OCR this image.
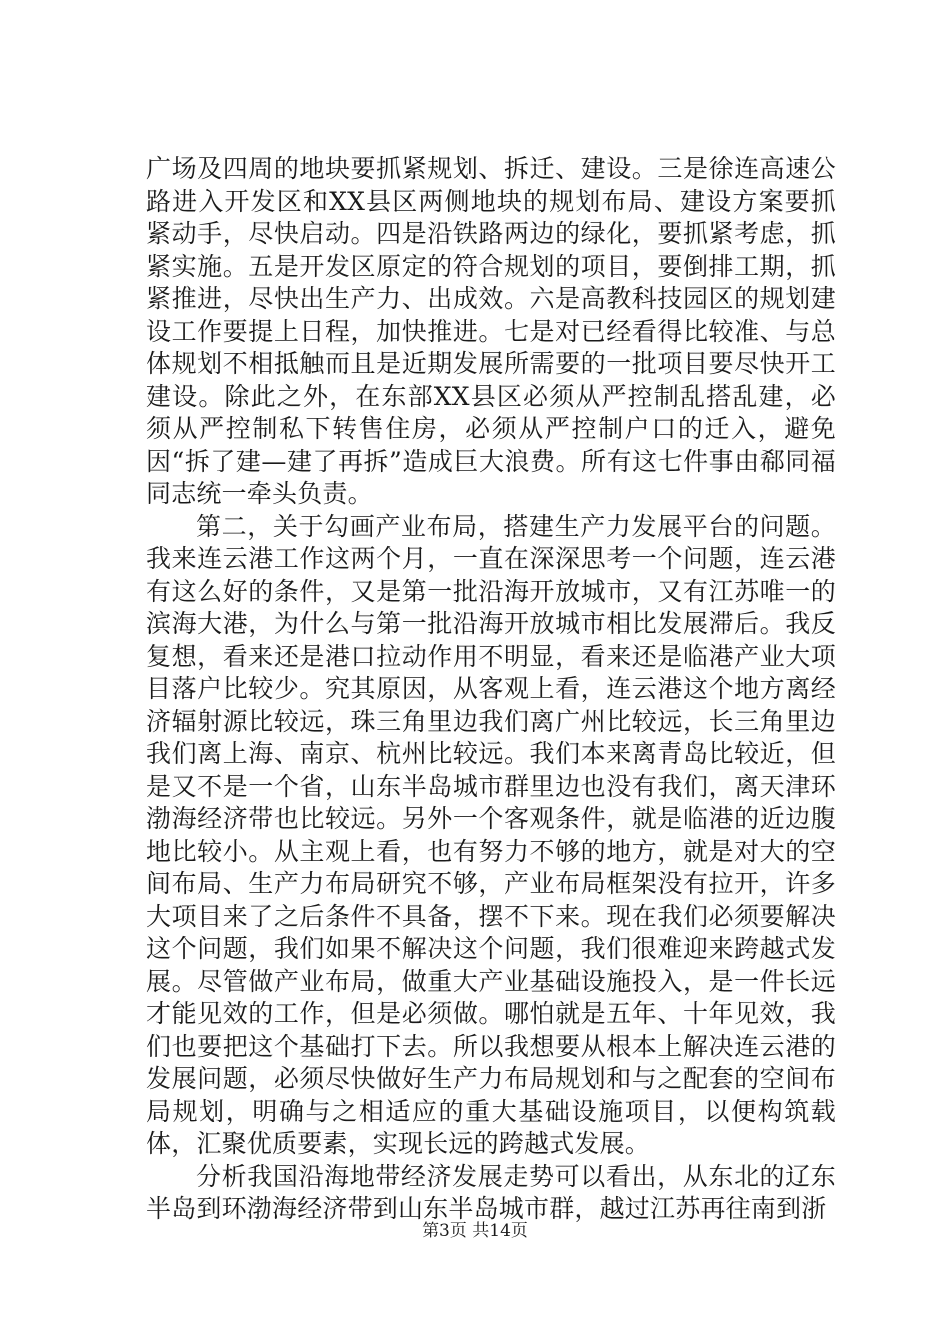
广场及四周的地块要抓紧规划、拆迁、建设。三是徐连高速公路进入开发区和XX县区两侧地块的规划布局、建设方案要抓紧动手，尽快启动。四是沿铁路两边的绿化，要抓紧考虑，抓紧实施。五是开发区原定的符合规划的项目，要倒排工期，抓紧推进，尽快出生产力、出成效。六是高教科技园区的规划建设工作要提上日程，加快推进。七是对已经看得比较准、与总体规划不相抵触而且是近期发展所需要的一批项目要尽快开工建设。除此之外，在东部XX县区必须从严控制乱搭乱建，必须从严控制私下转售住房，必须从严控制户口的迁入，避免因“拆了建—建了再拆”造成巨大浪费。所有这七件事由郗同福同志统一牵头负责。

第二，关于勾画产业布局，搭建生产力发展平台的问题。我来连云港工作这两个月，一直在深深思考一个问题，连云港有这么好的条件，又是第一批沿海开放城市，又有江苏唯一的滨海大港，为什么与第一批沿海开放城市相比发展滞后。我反复想，看来还是港口拉动作用不明显，看来还是临港产业大项目落户比较少。究其原因，从客观上看，连云港这个地方离经济辐射源比较远，珠三角里边我们离广州比较远，长三角里边我们离上海、南京、杭州比较远。我们本来离青岛比较近，但是又不是一个省，山东半岛城市群里边也没有我们，离天津环渤海经济带也比较远。另外一个客观条件，就是临港的近边腹地比较小。从主观上看，也有努力不够的地方，就是对大的空间布局、生产力布局研究不够，产业布局框架没有拉开，许多大项目来了之后条件不具备，摆不下来。现在我们必须要解决这个问题，我们如果不解决这个问题，我们很难迎来跨越式发展。尽管做产业布局，做重大产业基础设施投入，是一件长远才能见效的工作，但是必须做。哪怕就是五年、十年见效，我们也要把这个基础打下去。所以我想要从根本上解决连云港的发展问题，必须尽快做好生产力布局规划和与之配套的空间布局规划，明确与之相适应的重大基础设施项目，以便构筑载体，汇聚优质要素，实现长远的跨越式发展。

分析我国沿海地带经济发展走势可以看出，从东北的辽东半岛到环渤海经济带到山东半岛城市群，越过江苏再往南到浙

第3页 共14页
